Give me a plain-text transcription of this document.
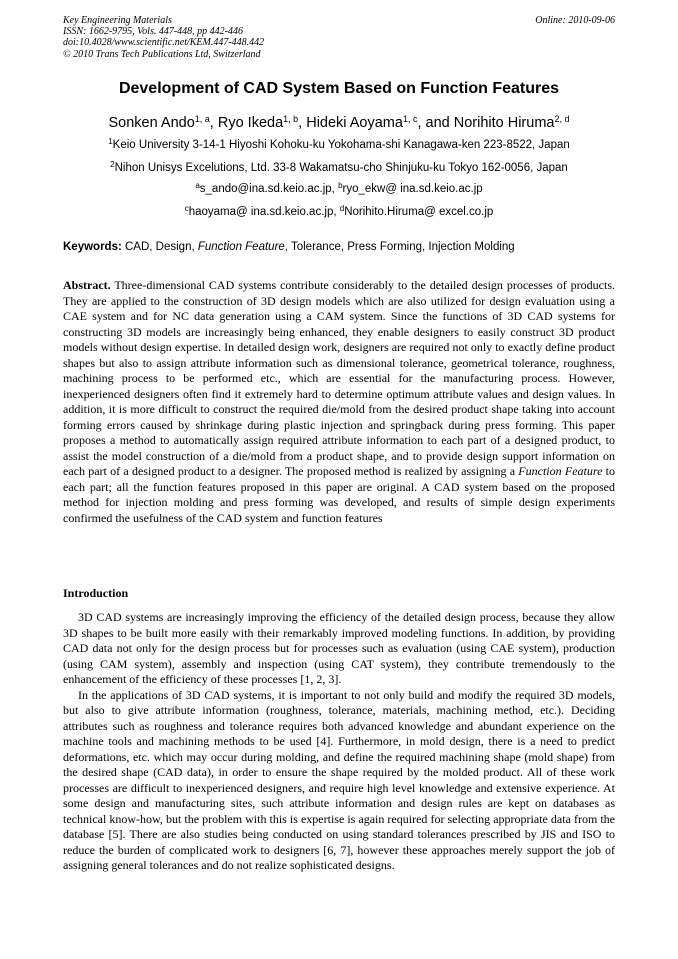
Key Engineering Materials
ISSN: 1662-9795, Vols. 447-448, pp 442-446
doi:10.4028/www.scientific.net/KEM.447-448.442
© 2010 Trans Tech Publications Ltd, Switzerland
Online: 2010-09-06
Development of CAD System Based on Function Features
Sonken Ando$^{1, a}$, Ryo Ikeda$^{1, b}$, Hideki Aoyama$^{1, c}$, and Norihito Hiruma$^{2, d}$
$^1$Keio University 3-14-1 Hiyoshi Kohoku-ku Yokohama-shi Kanagawa-ken 223-8522, Japan
$^2$Nihon Unisys Excelutions, Ltd. 33-8 Wakamatsu-cho Shinjuku-ku Tokyo 162-0056, Japan
$^a$s_ando@ina.sd.keio.ac.jp, $^b$ryo_ekw@ ina.sd.keio.ac.jp
$^c$haoyama@ ina.sd.keio.ac.jp, $^d$Norihito.Hiruma@ excel.co.jp
Keywords: CAD, Design, Function Feature, Tolerance, Press Forming, Injection Molding
Abstract. Three-dimensional CAD systems contribute considerably to the detailed design processes of products. They are applied to the construction of 3D design models which are also utilized for design evaluation using a CAE system and for NC data generation using a CAM system. Since the functions of 3D CAD systems for constructing 3D models are increasingly being enhanced, they enable designers to easily construct 3D product models without design expertise. In detailed design work, designers are required not only to exactly define product shapes but also to assign attribute information such as dimensional tolerance, geometrical tolerance, roughness, machining process to be performed etc., which are essential for the manufacturing process. However, inexperienced designers often find it extremely hard to determine optimum attribute values and design values. In addition, it is more difficult to construct the required die/mold from the desired product shape taking into account forming errors caused by shrinkage during plastic injection and springback during press forming. This paper proposes a method to automatically assign required attribute information to each part of a designed product, to assist the model construction of a die/mold from a product shape, and to provide design support information on each part of a designed product to a designer. The proposed method is realized by assigning a Function Feature to each part; all the function features proposed in this paper are original. A CAD system based on the proposed method for injection molding and press forming was developed, and results of simple design experiments confirmed the usefulness of the CAD system and function features
Introduction

3D CAD systems are increasingly improving the efficiency of the detailed design process, because they allow 3D shapes to be built more easily with their remarkably improved modeling functions. In addition, by providing CAD data not only for the design process but for processes such as evaluation (using CAE system), production (using CAM system), assembly and inspection (using CAT system), they contribute tremendously to the enhancement of the efficiency of these processes [1, 2, 3].

In the applications of 3D CAD systems, it is important to not only build and modify the required 3D models, but also to give attribute information (roughness, tolerance, materials, machining method, etc.). Deciding attributes such as roughness and tolerance requires both advanced knowledge and abundant experience on the machine tools and machining methods to be used [4]. Furthermore, in mold design, there is a need to predict deformations, etc. which may occur during molding, and define the required machining shape (mold shape) from the desired shape (CAD data), in order to ensure the shape required by the molded product. All of these work processes are difficult to inexperienced designers, and require high level knowledge and extensive experience. At some design and manufacturing sites, such attribute information and design rules are kept on databases as technical know-how, but the problem with this is expertise is again required for selecting appropriate data from the database [5]. There are also studies being conducted on using standard tolerances prescribed by JIS and ISO to reduce the burden of complicated work to designers [6, 7], however these approaches merely support the job of assigning general tolerances and do not realize sophisticated designs.
